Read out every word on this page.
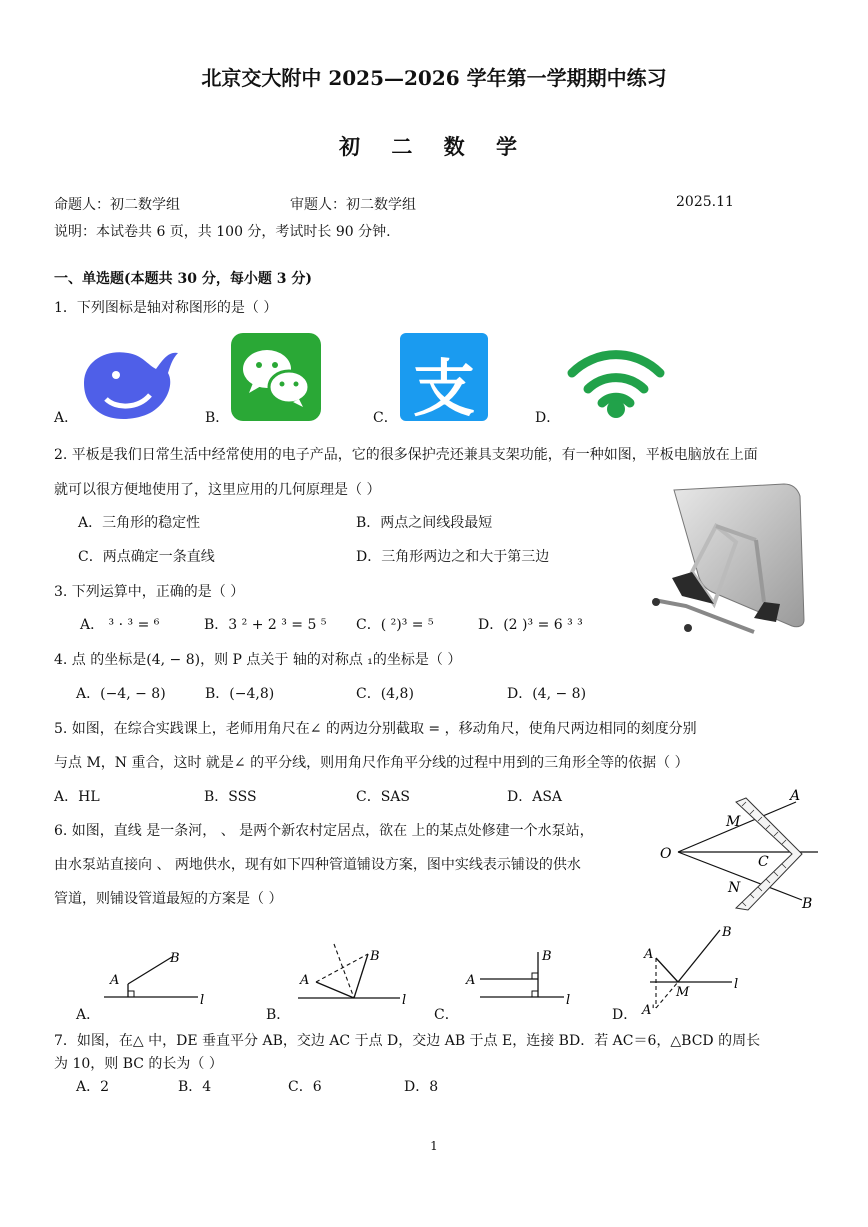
北京交大附中 2025—2026 学年第一学期期中练习
初 二 数 学
命题人：初二数学组	审题人：初二数学组	2025.11
说明：本试卷共 6 页，共 100 分，考试时长 90 分钟.
一、单选题(本题共 30 分，每小题 3 分)
1．下列图标是轴对称图形的是（ ）
A．	B．	C． 支	D．
2. 平板是我们日常生活中经常使用的电子产品，它的很多保护壳还兼具支架功能，有一种如图，平板电脑放在上面
就可以很方便地使用了，这里应用的几何原理是（ ）
A．三角形的稳定性	B．两点之间线段最短
C．两点确定一条直线	D．三角形两边之和大于第三边
3. 下列运算中，正确的是（ ）
A． ³ · ³ = ⁶	B．3 ² + 2 ³ = 5 ⁵ C．( ²)³ = ⁵	D．(2 )³ = 6 ³ ³
4. 点 的坐标是(4, − 8)，则 P 点关于 轴的对称点 ₁的坐标是（ ）
A．(−4, − 8)	B．(−4,8)	C．(4,8)	D．(4, − 8)
5. 如图，在综合实践课上，老师用角尺在∠ 的两边分别截取 = ，移动角尺，使角尺两边相同的刻度分别
与点 M，N 重合，这时 就是∠ 的平分线，则用角尺作角平分线的过程中用到的三角形全等的依据（ ）
A．HL	B．SSS	C．SAS	D．ASA	A
M
O	C
N
B
6. 如图，直线 是一条河， 、 是两个新农村定居点，欲在 上的某点处修建一个水泵站，
由水泵站直接向 、 两地供水，现有如下四种管道铺设方案，图中实线表示铺设的供水
管道，则铺设管道最短的方案是（ ）
A．
A
B
l
B．
A
B
l
C．
A
B
l
D．
A
B
M
A'
l
7．如图，在△ 中，DE 垂直平分 AB，交边 AC 于点 D，交边 AB 于点 E，连接 BD．若 AC＝6，△BCD 的周长
为 10，则 BC 的长为（ ）
A．2	B．4	C．6	D．8
1
